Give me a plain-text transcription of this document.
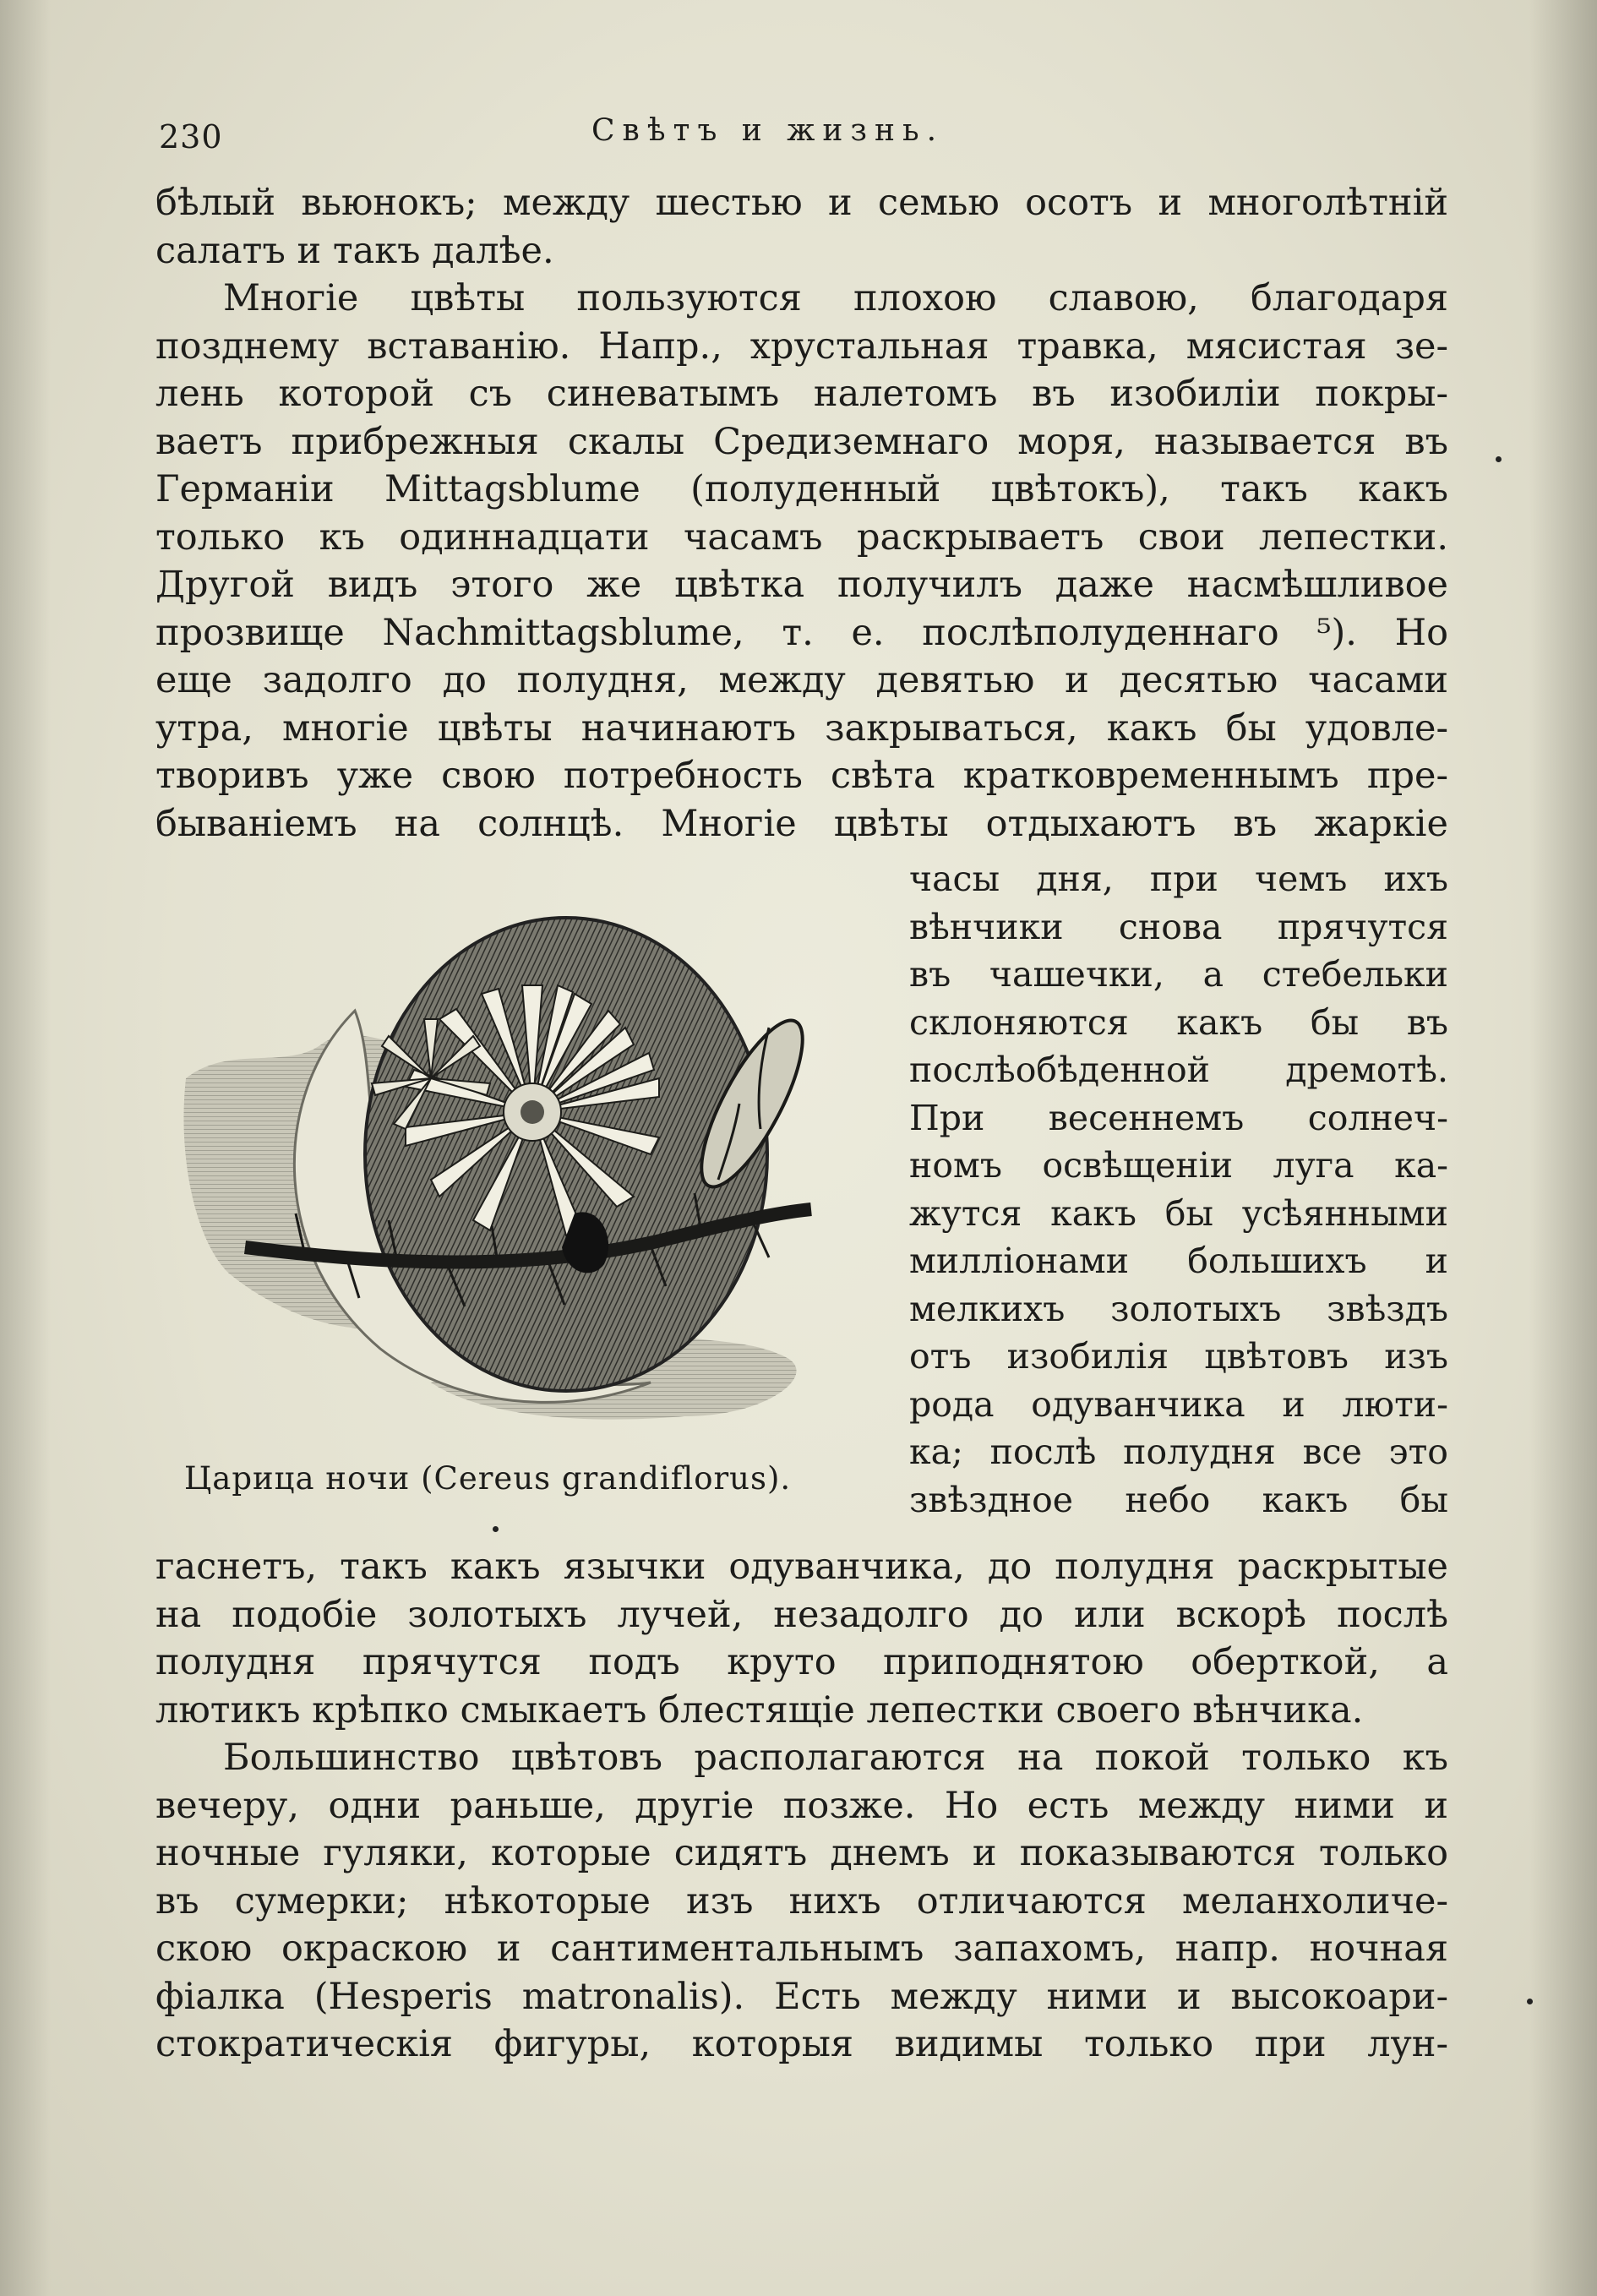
230	Свѣтъ и жизнь.
бѣлый вьюнокъ; между шестью и семью осотъ и многолѣтній
салатъ и такъ далѣе.
Многіе цвѣты пользуются плохою славою, благодаря
позднему вставанію. Напр., хрустальная травка, мясистая зе-
лень которой съ синеватымъ налетомъ въ изобиліи покры-
ваетъ прибрежныя скалы Средиземнаго моря, называется въ
Германіи Mittagsblume (полуденный цвѣтокъ), такъ какъ
только къ одиннадцати часамъ раскрываетъ свои лепестки.
Другой видъ этого же цвѣтка получилъ даже насмѣшливое
прозвище Nachmittagsblume, т. е. послѣполуденнаго ⁵). Но
еще задолго до полудня, между девятью и десятью часами
утра, многіе цвѣты начинаютъ закрываться, какъ бы удовле-
творивъ уже свою потребность свѣта кратковременнымъ пре-
быванiемъ на солнцѣ. Многіе цвѣты отдыхаютъ въ жаркіе
Царица ночи (Cereus grandiflorus).
часы дня, при чемъ ихъ
вѣнчики снова прячутся
въ чашечки, а стебельки
склоняются какъ бы въ
послѣобѣденной дремотѣ.
При весеннемъ солнеч-
номъ освѣщеніи луга ка-
жутся какъ бы усѣянными
милліонами большихъ и
мелкихъ золотыхъ звѣздъ
отъ изобилія цвѣтовъ изъ
рода одуванчика и люти-
ка; послѣ полудня все это
звѣздное небо какъ бы
гаснетъ, такъ какъ язычки одуванчика, до полудня раскрытые
на подобіе золотыхъ лучей, незадолго до или вскорѣ послѣ
полудня прячутся подъ круто приподнятою оберткой, а
лютикъ крѣпко смыкаетъ блестящіе лепестки своего вѣнчика.
Большинство цвѣтовъ располагаются на покой только къ
вечеру, одни раньше, другіе позже. Но есть между ними и
ночные гуляки, которые сидятъ днемъ и показываются только
въ сумерки; нѣкоторые изъ нихъ отличаются меланхоличе-
скою окраскою и сантиментальнымъ запахомъ, напр. ночная
фіалка (Hesperis matronalis). Есть между ними и высокоари-
стократическія фигуры, которыя видимы только при лун-
